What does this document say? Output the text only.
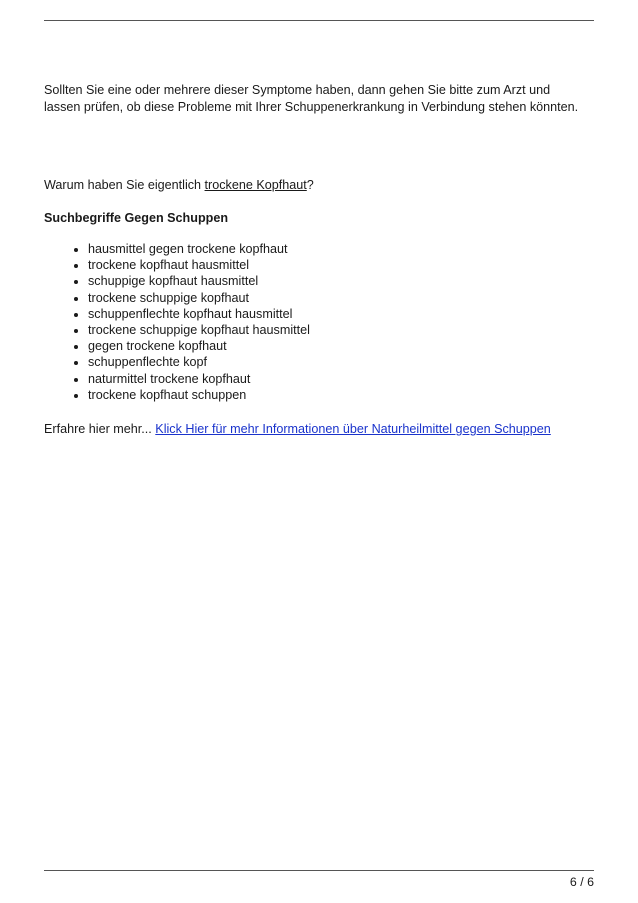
Sollten Sie eine oder mehrere dieser Symptome haben, dann gehen Sie bitte zum Arzt und
lassen prüfen, ob diese Probleme mit Ihrer Schuppenerkrankung in Verbindung stehen könnten.

Warum haben Sie eigentlich trockene Kopfhaut?

Suchbegriffe Gegen Schuppen

• hausmittel gegen trockene kopfhaut
• trockene kopfhaut hausmittel
• schuppige kopfhaut hausmittel
• trockene schuppige kopfhaut
• schuppenflechte kopfhaut hausmittel
• trockene schuppige kopfhaut hausmittel
• gegen trockene kopfhaut
• schuppenflechte kopf
• naturmittel trockene kopfhaut
• trockene kopfhaut schuppen

Erfahre hier mehr... Klick Hier für mehr Informationen über Naturheilmittel gegen Schuppen

6 / 6
